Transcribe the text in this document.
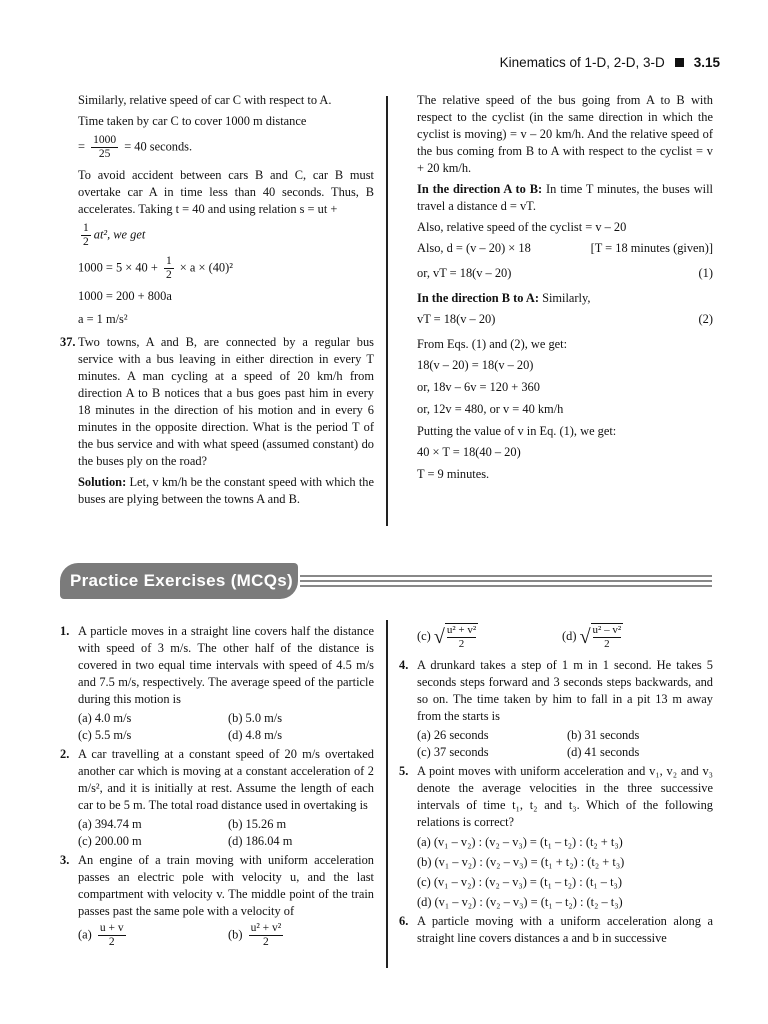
Kinematics of 1-D, 2-D, 3-D 3.15

Similarly, relative speed of car C with respect to A.

Time taken by car C to cover 1000 m distance

= $\frac{1000}{25} = 40$ seconds.

To avoid accident between cars B and C, car B must overtake car A in time less than 40 seconds. Thus, B accelerates. Taking t = 40 and using relation s = ut +

$\frac{1}{2} at^2$, we get
$1000 = 5 \times 40 + \frac{1}{2} \times a \times (40)^2$
1000 = 200 + 800a
a = 1 m/s²

37. Two towns, A and B, are connected by a regular bus service with a bus leaving in either direction in every T minutes. A man cycling at a speed of 20 km/h from direction A to B notices that a bus goes past him in every 18 minutes in the direction of his motion and in every 6 minutes in the opposite direction. What is the period T of the bus service and with what speed (assumed constant) do the buses ply on the road?

Solution: Let, v km/h be the constant speed with which the buses are plying between the towns A and B.

The relative speed of the bus going from A to B with respect to the cyclist (in the same direction in which the cyclist is moving) = v – 20 km/h. And the relative speed of the bus coming from B to A with respect to the cyclist = v + 20 km/h.

In the direction A to B: In time T minutes, the buses will travel a distance d = vT.

Also, relative speed of the cyclist = v – 20

Also, d = (v – 20) × 18	[T = 18 minutes (given)]
or, vT = 18(v – 20)	(1)

In the direction B to A: Similarly,

vT = 18(v – 20)	(2)

From Eqs. (1) and (2), we get:

18(v – 20) = 18(v – 20)
or, 18v – 6v = 120 + 360
or, 12v = 480, or v = 40 km/h

Putting the value of v in Eq. (1), we get:

40 × T = 18(40 – 20)
T = 9 minutes.
Practice Exercises (MCQs)

1. A particle moves in a straight line covers half the distance with speed of 3 m/s. The other half of the distance is covered in two equal time intervals with speed of 4.5 m/s and 7.5 m/s, respectively. The average speed of the particle during this motion is

(a) 4.0 m/s	(b) 5.0 m/s
(c) 5.5 m/s	(d) 4.8 m/s

2. A car travelling at a constant speed of 20 m/s overtaked another car which is moving at a constant acceleration of 2 m/s², and it is initially at rest. Assume the length of each car to be 5 m. The total road distance used in overtaking is

(a) 394.74 m	(b) 15.26 m
(c) 200.00 m	(d) 186.04 m

3. An engine of a train moving with uniform acceleration passes an electric pole with velocity u, and the last compartment with velocity v. The middle point of the train passes past the same pole with a velocity of

$(a) \frac{u + v}{2}$	$(b) \frac{\text{u² + v²}}{2}$
(c) √ u² + v²
2
(d) √ u² – v²
2

4. A drunkard takes a step of 1 m in 1 second. He takes 5 seconds steps forward and 3 seconds steps backwards, and so on. The time taken by him to fall in a pit 13 m away from the starts is

(a) 26 seconds	(b) 31 seconds
(c) 37 seconds	(d) 41 seconds

5. A point moves with uniform acceleration and v₁, v₂ and v₃ denote the average velocities in the three successive intervals of time t₁, t₂ and t₃. Which of the following relations is correct?

(a) (v₁ – v₂) : (v₂ – v₃) = (t₁ – t₂) : (t₂ + t₃)
(b) (v₁ – v₂) : (v₂ – v₃) = (t₁ + t₂) : (t₂ + t₃)
(c) (v₁ – v₂) : (v₂ – v₃) = (t₁ – t₂) : (t₁ – t₃)
(d) (v₁ – v₂) : (v₂ – v₃) = (t₁ – t₂) : (t₂ – t₃)

6. A particle moving with a uniform acceleration along a straight line covers distances a and b in successive
